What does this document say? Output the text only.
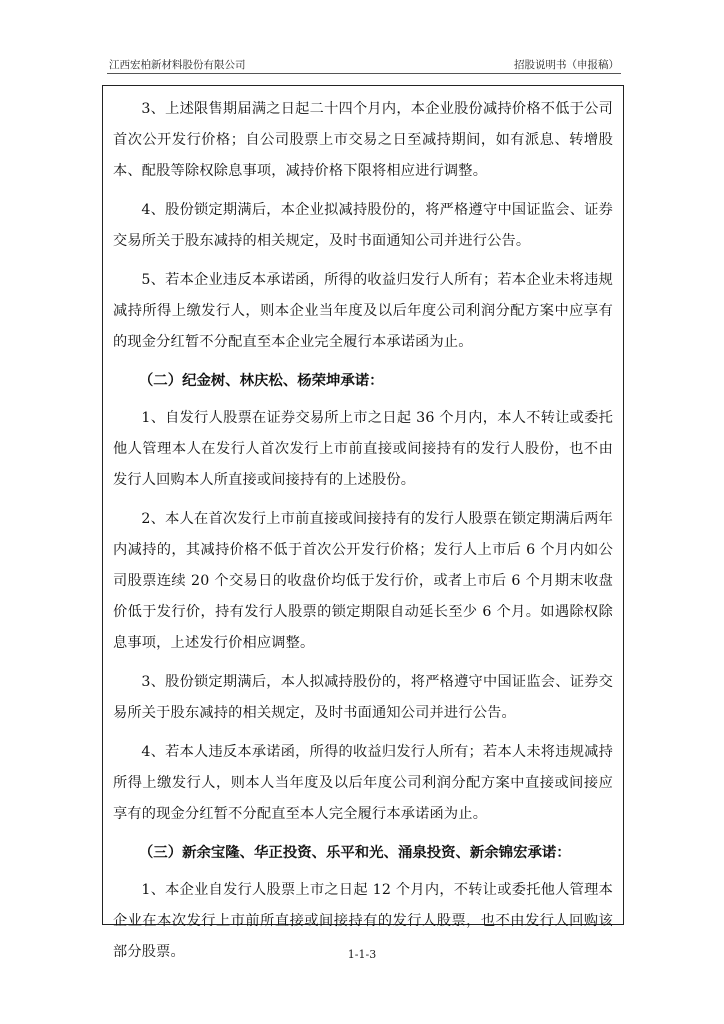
江西宏柏新材料股份有限公司	招股说明书（申报稿）

3、上述限售期届满之日起二十四个月内，本企业股份减持价格不低于公司首次公开发行价格；自公司股票上市交易之日至减持期间，如有派息、转增股本、配股等除权除息事项，减持价格下限将相应进行调整。

4、股份锁定期满后，本企业拟减持股份的，将严格遵守中国证监会、证券交易所关于股东减持的相关规定，及时书面通知公司并进行公告。

5、若本企业违反本承诺函，所得的收益归发行人所有；若本企业未将违规减持所得上缴发行人，则本企业当年度及以后年度公司利润分配方案中应享有的现金分红暂不分配直至本企业完全履行本承诺函为止。

（二）纪金树、林庆松、杨荣坤承诺：

1、自发行人股票在证券交易所上市之日起 36 个月内，本人不转让或委托他人管理本人在发行人首次发行上市前直接或间接持有的发行人股份，也不由发行人回购本人所直接或间接持有的上述股份。

2、本人在首次发行上市前直接或间接持有的发行人股票在锁定期满后两年内减持的，其减持价格不低于首次公开发行价格；发行人上市后 6 个月内如公司股票连续 20 个交易日的收盘价均低于发行价，或者上市后 6 个月期末收盘价低于发行价，持有发行人股票的锁定期限自动延长至少 6 个月。如遇除权除息事项，上述发行价相应调整。

3、股份锁定期满后，本人拟减持股份的，将严格遵守中国证监会、证券交易所关于股东减持的相关规定，及时书面通知公司并进行公告。

4、若本人违反本承诺函，所得的收益归发行人所有；若本人未将违规减持所得上缴发行人，则本人当年度及以后年度公司利润分配方案中直接或间接应享有的现金分红暂不分配直至本人完全履行本承诺函为止。

（三）新余宝隆、华正投资、乐平和光、涌泉投资、新余锦宏承诺：

1、本企业自发行人股票上市之日起 12 个月内，不转让或委托他人管理本企业在本次发行上市前所直接或间接持有的发行人股票，也不由发行人回购该部分股票。	1-1-3
